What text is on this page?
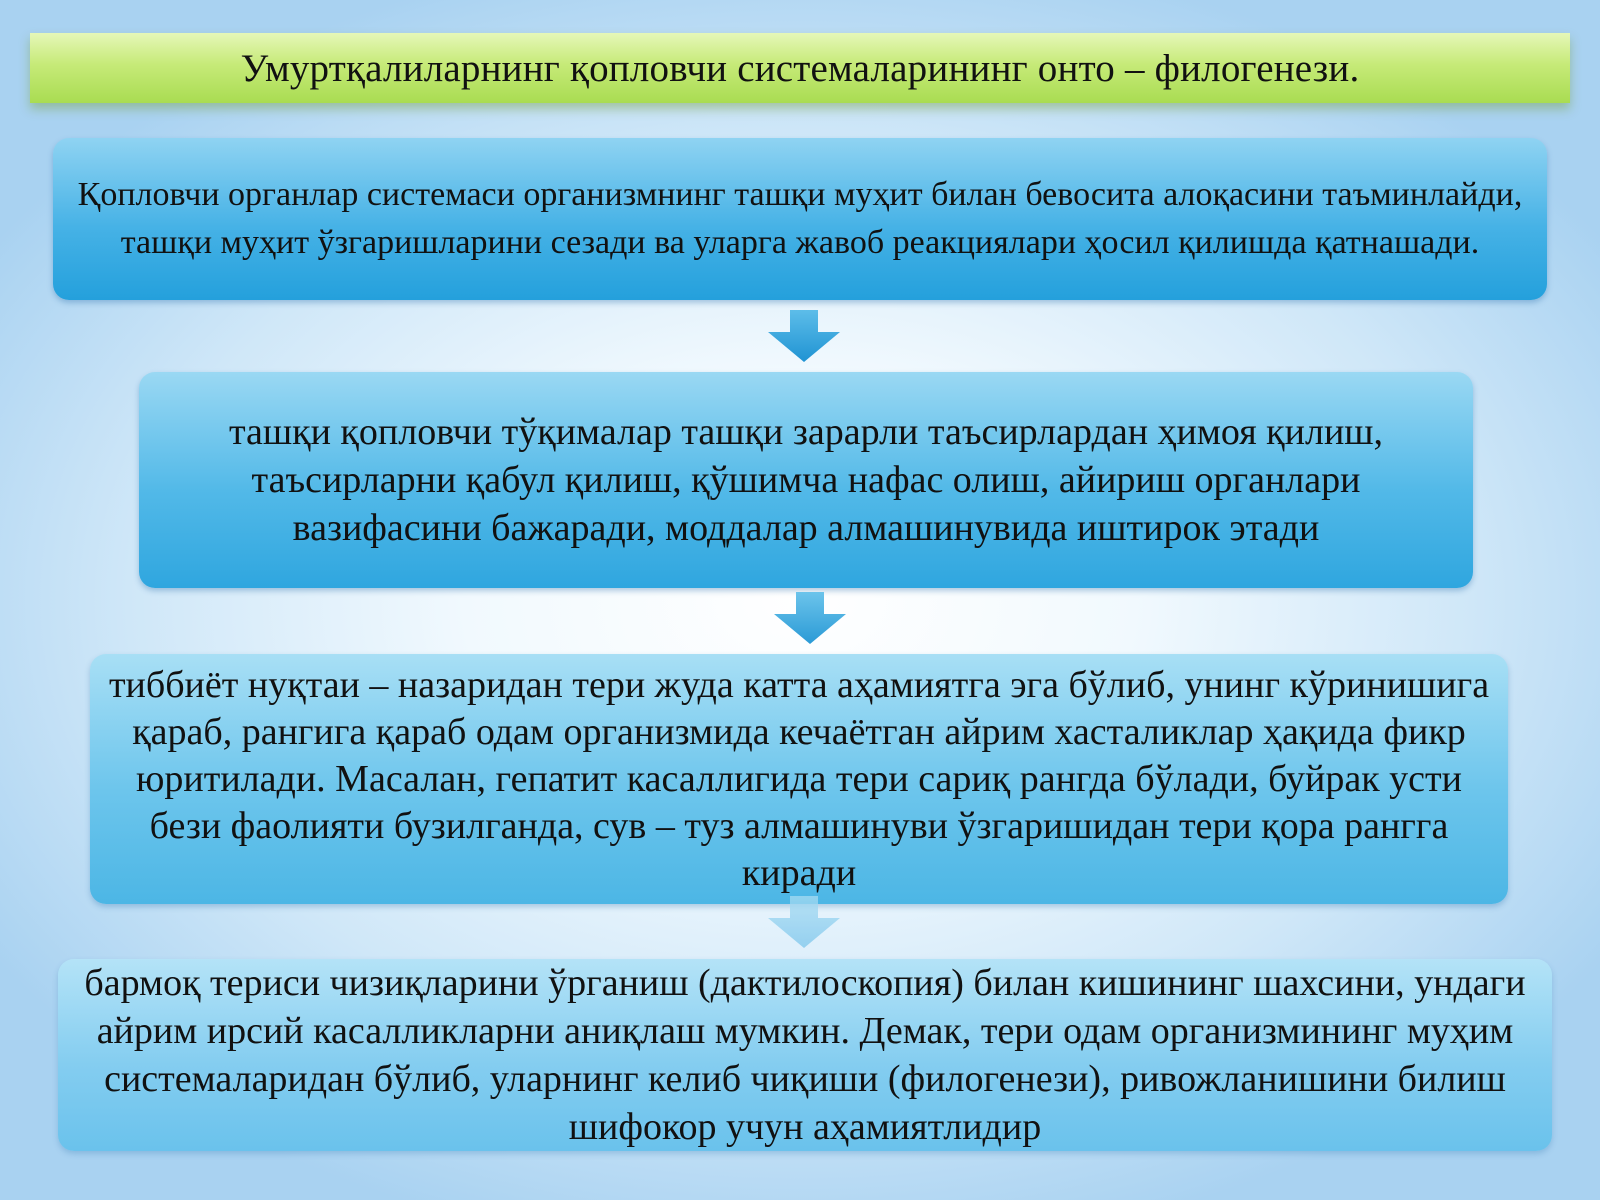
Умуртқалиларнинг қопловчи системаларининг онто – филогенези.
Қопловчи органлар системаси организмнинг ташқи муҳит билан бевосита алоқасини таъминлайди, ташқи муҳит ўзгаришларини сезади ва уларга жавоб реакциялари ҳосил қилишда қатнашади.
ташқи қопловчи тўқималар ташқи зарарли таъсирлардан ҳимоя қилиш, таъсирларни қабул қилиш, қўшимча нафас олиш, айириш органлари вазифасини бажаради, моддалар алмашинувида иштирок этади
тиббиёт нуқтаи – назаридан тери жуда катта аҳамиятга эга бўлиб, унинг кўринишига қараб, рангига қараб одам организмида кечаётган айрим хасталиклар ҳақида фикр юритилади. Масалан, гепатит касаллигида тери сариқ рангда бўлади, буйрак усти бези фаолияти бузилганда, сув – туз алмашинуви ўзгаришидан тери қора рангга киради
бармоқ териси чизиқларини ўрганиш (дактилоскопия) билан кишининг шахсини, ундаги айрим ирсий касалликларни аниқлаш мумкин. Демак, тери одам организмининг муҳим системаларидан бўлиб, уларнинг келиб чиқиши (филогенези), ривожланишини билиш шифокор учун аҳамиятлидир
